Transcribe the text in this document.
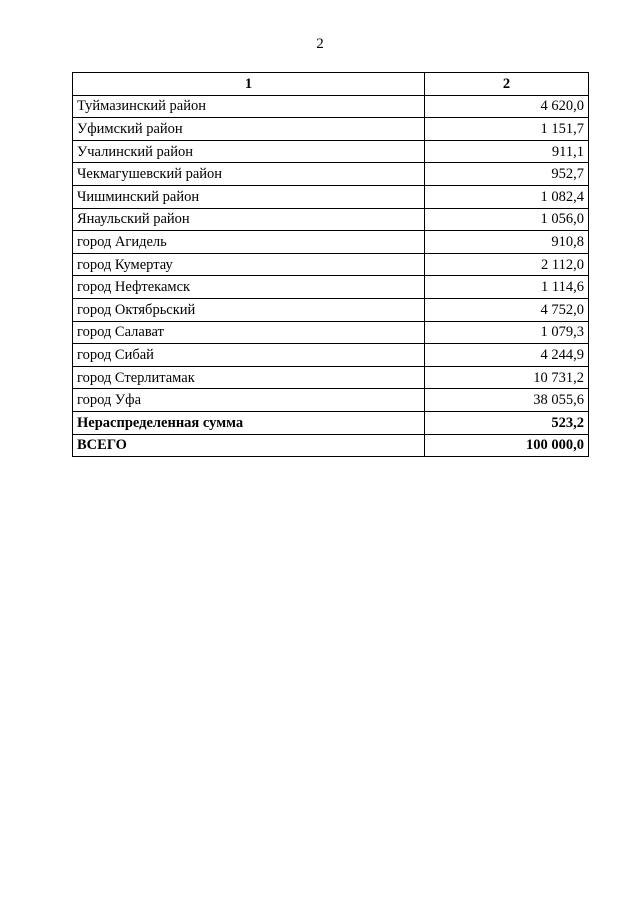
2
1	2
Туймазинский район	4 620,0
Уфимский район	1 151,7
Учалинский район	911,1
Чекмагушевский район	952,7
Чишминский район	1 082,4
Янаульский район	1 056,0
город Агидель	910,8
город Кумертау	2 112,0
город Нефтекамск	1 114,6
город Октябрьский	4 752,0
город Салават	1 079,3
город Сибай	4 244,9
город Стерлитамак	10 731,2
город Уфа	38 055,6
Нераспределенная сумма	523,2
ВСЕГО	100 000,0
